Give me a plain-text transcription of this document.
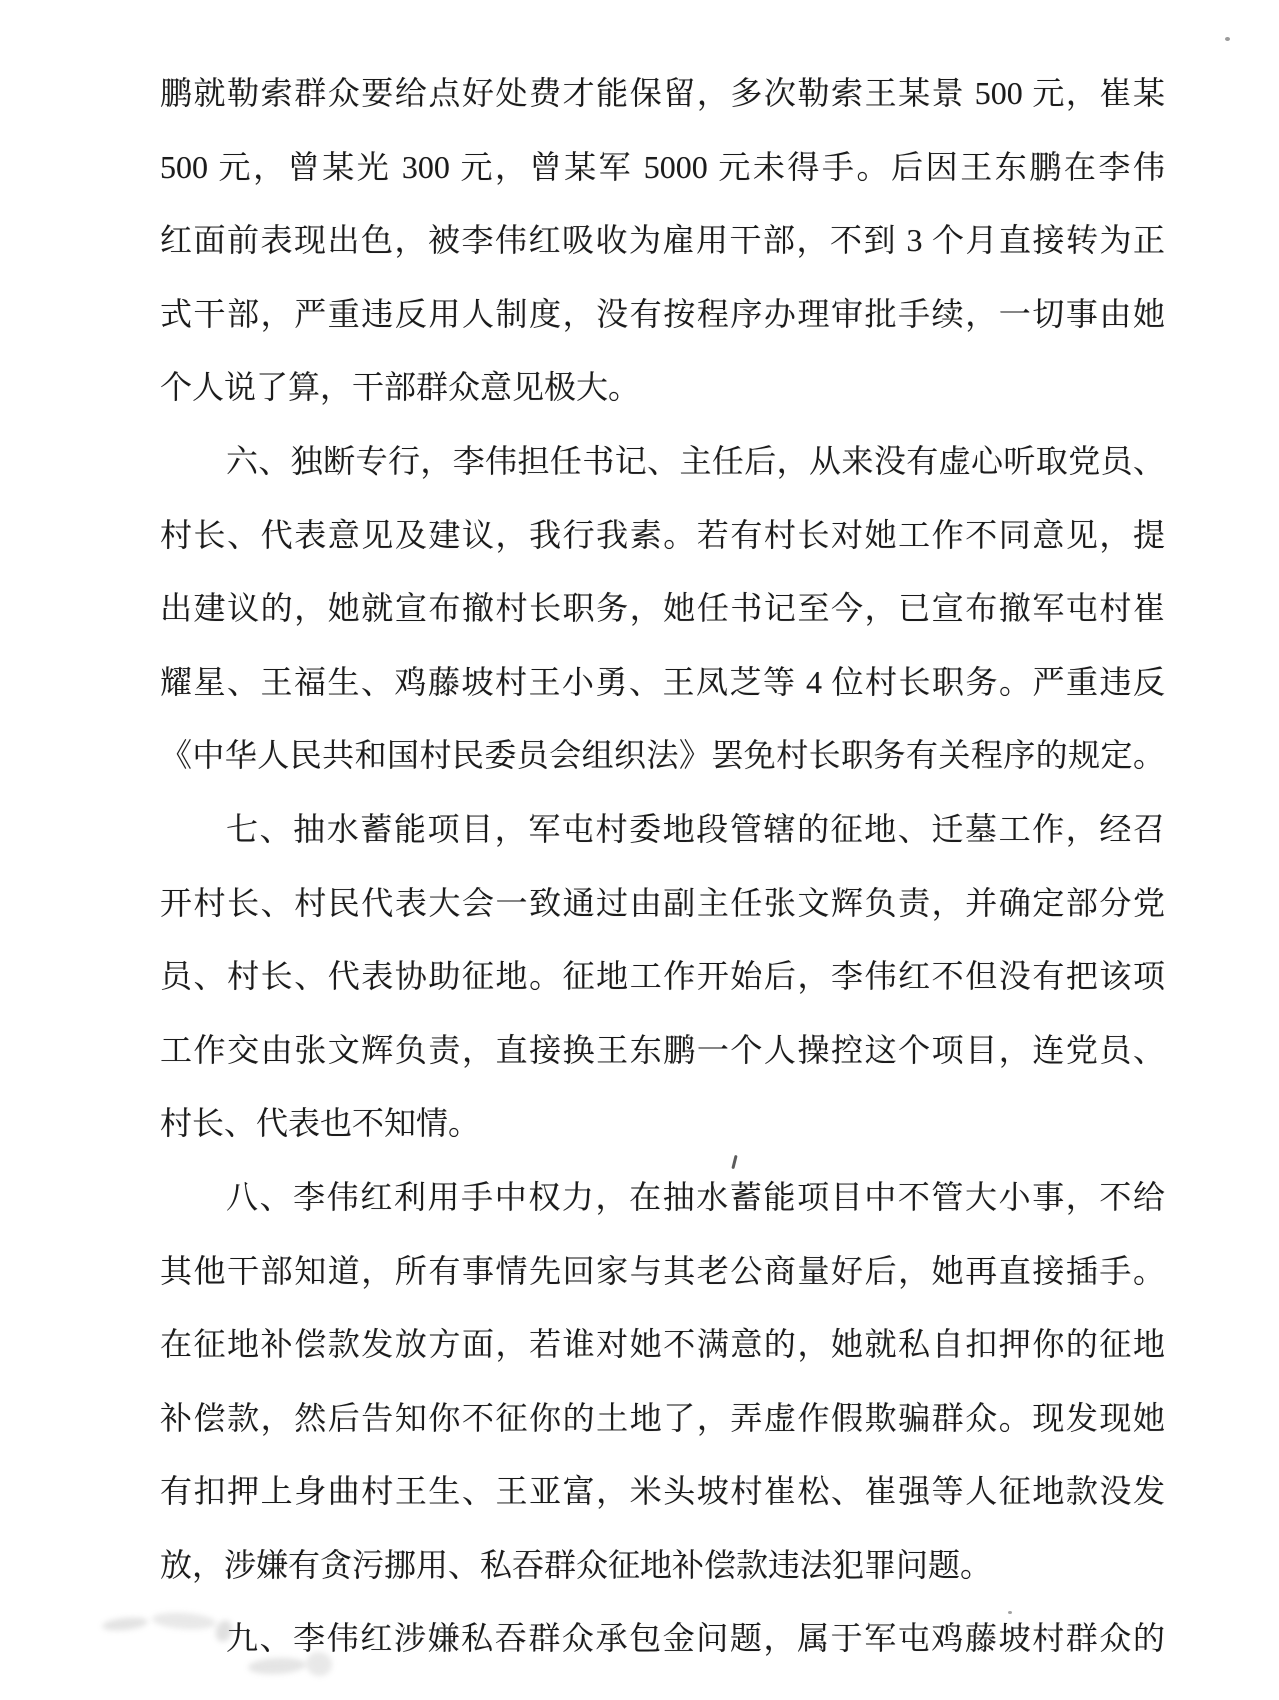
鹏就勒索群众要给点好处费才能保留，多次勒索王某景 500 元，崔某
500 元，曾某光 300 元，曾某军 5000 元未得手。后因王东鹏在李伟
红面前表现出色，被李伟红吸收为雇用干部，不到 3 个月直接转为正
式干部，严重违反用人制度，没有按程序办理审批手续，一切事由她
个人说了算，干部群众意见极大。
六、独断专行，李伟担任书记、主任后，从来没有虚心听取党员、
村长、代表意见及建议，我行我素。若有村长对她工作不同意见，提
出建议的，她就宣布撤村长职务，她任书记至今，已宣布撤军屯村崔
耀星、王福生、鸡藤坡村王小勇、王凤芝等 4 位村长职务。严重违反
《中华人民共和国村民委员会组织法》罢免村长职务有关程序的规定。
七、抽水蓄能项目，军屯村委地段管辖的征地、迁墓工作，经召
开村长、村民代表大会一致通过由副主任张文辉负责，并确定部分党
员、村长、代表协助征地。征地工作开始后，李伟红不但没有把该项
工作交由张文辉负责，直接换王东鹏一个人操控这个项目，连党员、
村长、代表也不知情。
八、李伟红利用手中权力，在抽水蓄能项目中不管大小事，不给
其他干部知道，所有事情先回家与其老公商量好后，她再直接插手。
在征地补偿款发放方面，若谁对她不满意的，她就私自扣押你的征地
补偿款，然后告知你不征你的土地了，弄虚作假欺骗群众。现发现她
有扣押上身曲村王生、王亚富，米头坡村崔松、崔强等人征地款没发
放，涉嫌有贪污挪用、私吞群众征地补偿款违法犯罪问题。
九、李伟红涉嫌私吞群众承包金问题，属于军屯鸡藤坡村群众的
